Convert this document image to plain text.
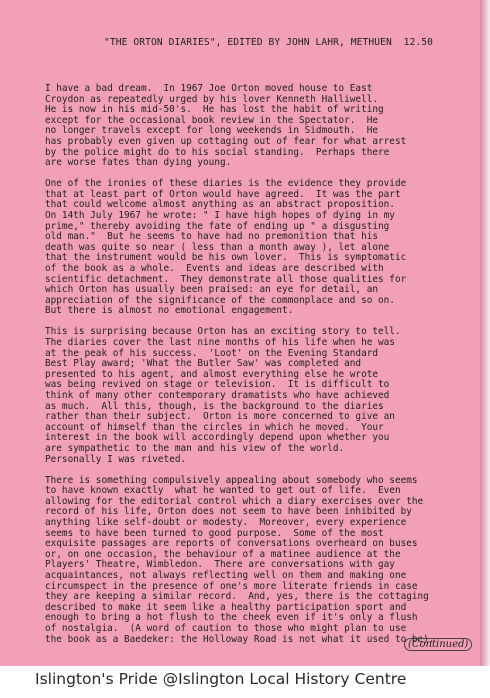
"THE ORTON DIARIES", EDITED BY JOHN LAHR, METHUEN  12.50
I have a bad dream.  In 1967 Joe Orton moved house to East
Croydon as repeatedly urged by his lover Kenneth Halliwell.
He is now in his mid-50's.  He has lost the habit of writing
except for the occasional book review in the Spectator.  He
no longer travels except for long weekends in Sidmouth.  He
has probably even given up cottaging out of fear for what arrest
by the police might do to his social standing.  Perhaps there
are worse fates than dying young.
One of the ironies of these diaries is the evidence they provide
that at least part of Orton would have agreed.  It was the part
that could welcome almost anything as an abstract proposition.
On 14th July 1967 he wrote: " I have high hopes of dying in my
prime," thereby avoiding the fate of ending up " a disgusting
old man."  But he seems to have had no premonition that his
death was quite so near ( less than a month away ), let alone
that the instrument would be his own lover.  This is symptomatic
of the book as a whole.  Events and ideas are described with
scientific detachment.  They demonstrate all those qualities for
which Orton has usually been praised: an eye for detail, an
appreciation of the significance of the commonplace and so on.
But there is almost no emotional engagement.
This is surprising because Orton has an exciting story to tell.
The diaries cover the last nine months of his life when he was
at the peak of his success.  'Loot' on the Evening Standard
Best Play award; 'What the Butler Saw' was completed and
presented to his agent, and almost everything else he wrote
was being revived on stage or television.  It is difficult to
think of many other contemporary dramatists who have achieved
as much.  All this, though, is the background to the diaries
rather than their subject.  Orton is more concerned to give an
account of himself than the circles in which he moved.  Your
interest in the book will accordingly depend upon whether you
are sympathetic to the man and his view of the world.
Personally I was riveted.
There is something compulsively appealing about somebody who seems
to have known exactly  what he wanted to get out of life.  Even
allowing for the editorial control which a diary exercises over the
record of his life, Orton does not seem to have been inhibited by
anything like self-doubt or modesty.  Moreover, every experience
seems to have been turned to good purpose.  Some of the most
exquisite passages are reports of conversations overheard on buses
or, on one occasion, the behaviour of a matinee audience at the
Players' Theatre, Wimbledon.  There are conversations with gay
acquaintances, not always reflecting well on them and making one
circumspect in the presence of one's more literate friends in case
they are keeping a similar record.  And, yes, there is the cottaging
described to make it seem like a healthy participation sport and
enough to bring a hot flush to the cheek even if it's only a flush
of nostalgia.  (A word of caution to those who might plan to use
the book as a Baedeker: the Holloway Road is not what it used to be).
(Continued)
Islington's Pride @Islington Local History Centre
